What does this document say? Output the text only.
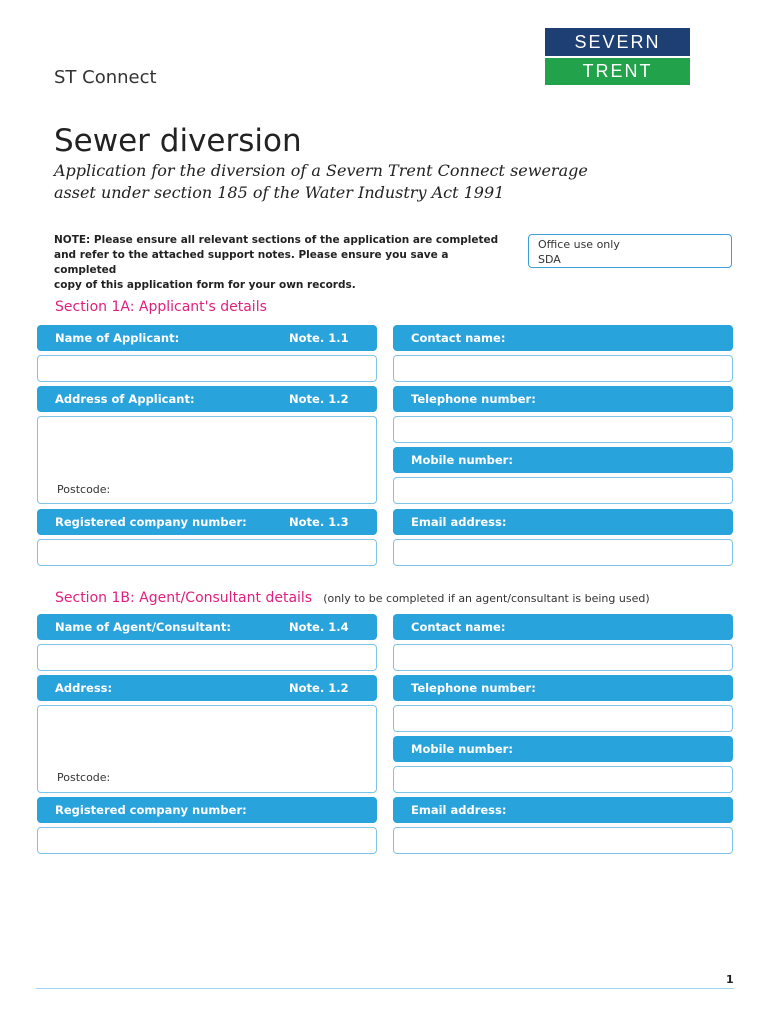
SEVERN
TRENT
ST Connect
Sewer diversion
Application for the diversion of a Severn Trent Connect sewerage
asset under section 185 of the Water Industry Act 1991
NOTE: Please ensure all relevant sections of the application are completed
and refer to the attached support notes. Please ensure you save a completed
copy of this application form for your own records.
Office use only
SDA
Section 1A: Applicant's details
Name of Applicant:	Note. 1.1
Address of Applicant:	Note. 1.2
Postcode:
Registered company number:	Note. 1.3
Contact name:
Telephone number:
Mobile number:
Email address:
Section 1B: Agent/Consultant details (only to be completed if an agent/consultant is being used)
Name of Agent/Consultant:	Note. 1.4
Address:	Note. 1.2
Postcode:
Registered company number:
Contact name:
Telephone number:
Mobile number:
Email address:
1
